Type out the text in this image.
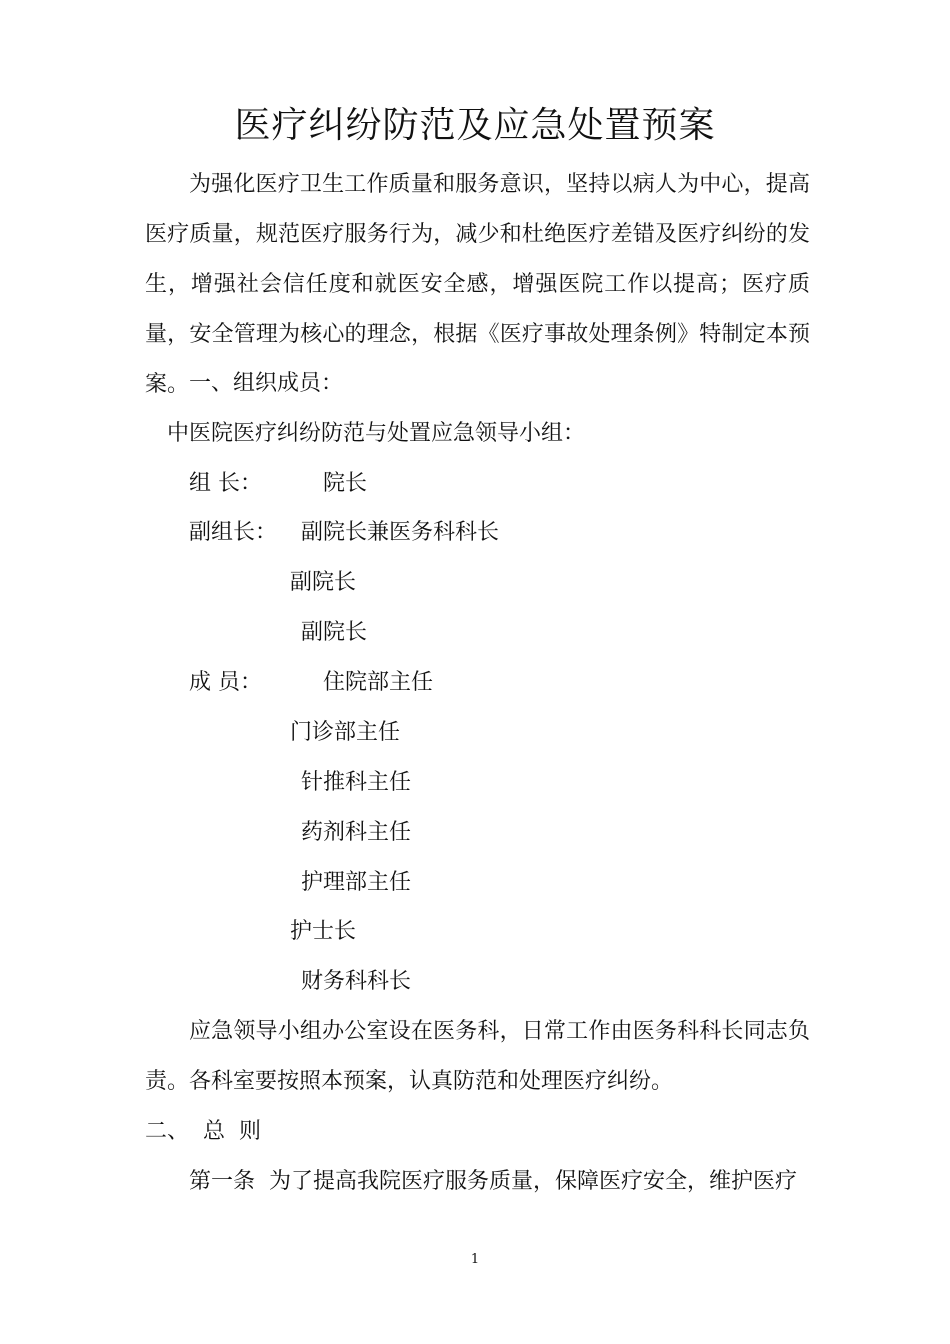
医疗纠纷防范及应急处置预案

为强化医疗卫生工作质量和服务意识，坚持以病人为中心，提高医疗质量，规范医疗服务行为，减少和杜绝医疗差错及医疗纠纷的发生，增强社会信任度和就医安全感，增强医院工作以提高；医疗质量，安全管理为核心的理念，根据《医疗事故处理条例》特制定本预案。 一、组织成员：
中医院医疗纠纷防范与处置应急领导小组：
组 长：	院长
副组长： 副院长兼医务科科长
副院长
副院长
成 员：	住院部主任
门诊部主任
针推科主任
药剂科主任
护理部主任
护士长
财务科科长

应急领导小组办公室设在医务科，日常工作由医务科科长同志负责。各科室要按照本预案，认真防范和处理医疗纠纷。

二、  总  则
第一条  为了提高我院医疗服务质量，保障医疗安全，维护医疗
1
